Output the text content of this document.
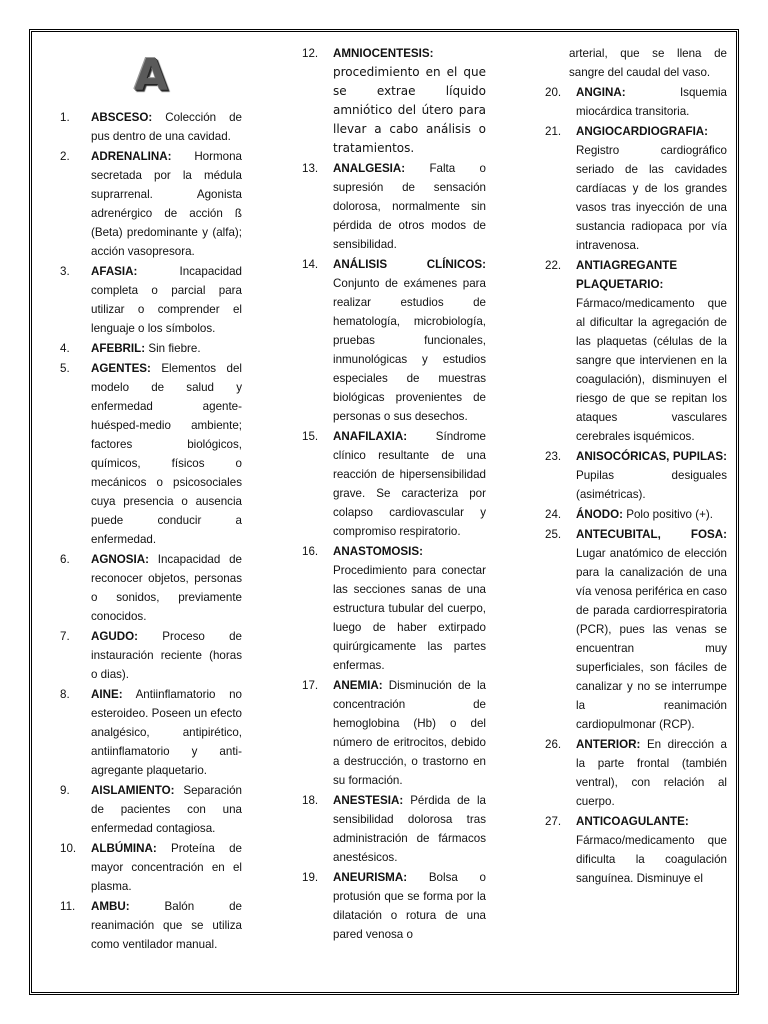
A
1.	ABSCESO: Colección de pus dentro de una cavidad.
2.	ADRENALINA: Hormona secretada por la médula suprarrenal. Agonista adrenérgico de acción ß (Beta) predominante y (alfa); acción vasopresora.
3.	AFASIA:	Incapacidad completa o parcial para utilizar o comprender el lenguaje o los símbolos.
4.	AFEBRIL: Sin fiebre.
5.	AGENTES: Elementos del modelo de salud y enfermedad agente-huésped-medio ambiente; factores biológicos, químicos, físicos o mecánicos o psicosociales cuya presencia o ausencia puede conducir a enfermedad.
6.	AGNOSIA: Incapacidad de reconocer objetos, personas o sonidos, previamente conocidos.
7.	AGUDO: Proceso de instauración reciente (horas o dias).
8.	AINE: Antiinflamatorio no esteroideo. Poseen un efecto analgésico, antipirético, antiinflamatorio y anti-agregante plaquetario.
9.	AISLAMIENTO: Separación de pacientes con una enfermedad contagiosa.
10.	ALBÚMINA: Proteína de mayor concentración en el plasma.
11.	AMBU:	Balón de reanimación que se utiliza como ventilador manual.
12.	AMNIOCENTESIS: procedimiento en el que se extrae líquido amniótico del útero para llevar a cabo análisis o tratamientos.
13.	ANALGESIA: Falta o supresión de sensación dolorosa, normalmente sin pérdida de otros modos de sensibilidad.
14.	ANÁLISIS CLÍNICOS: Conjunto de exámenes para realizar estudios de hematología, microbiología, pruebas funcionales, inmunológicas y estudios especiales de muestras biológicas provenientes de personas o sus desechos.
15.	ANAFILAXIA: Síndrome clínico resultante de una reacción de hipersensibilidad grave. Se caracteriza por colapso cardiovascular y compromiso respiratorio.
16.	ANASTOMOSIS: Procedimiento para conectar las secciones sanas de una estructura tubular del cuerpo, luego de haber extirpado quirúrgicamente las partes enfermas.
17.	ANEMIA: Disminución de la concentración de hemoglobina (Hb) o del número de eritrocitos, debido a destrucción, o trastorno en su formación.
18.	ANESTESIA: Pérdida de la sensibilidad dolorosa tras administración de fármacos anestésicos.
19.	ANEURISMA: Bolsa o protusión que se forma por la dilatación o rotura de una pared venosa o
arterial, que se llena de sangre del caudal del vaso.
20.	ANGINA:	Isquemia miocárdica transitoria.
21.	ANGIOCARDIOGRAFIA: Registro cardiográfico seriado de las cavidades cardíacas y de los grandes vasos tras inyección de una sustancia radiopaca por vía intravenosa.
22.	ANTIAGREGANTE PLAQUETARIO: Fármaco/medicamento que al dificultar la agregación de las plaquetas (células de la sangre que intervienen en la coagulación), disminuyen el riesgo de que se repitan los ataques vasculares cerebrales isquémicos.
23.	ANISOCÓRICAS, PUPILAS: Pupilas desiguales (asimétricas).
24.	ÁNODO: Polo positivo (+).
25.	ANTECUBITAL, FOSA: Lugar anatómico de elección para la canalización de una vía venosa periférica en caso de parada cardiorrespiratoria (PCR), pues las venas se encuentran muy superficiales, son fáciles de canalizar y no se interrumpe la reanimación cardiopulmonar (RCP).
26.	ANTERIOR: En dirección a la parte frontal (también ventral), con relación al cuerpo.
27.	ANTICOAGULANTE: Fármaco/medicamento que dificulta la coagulación sanguínea. Disminuye el
